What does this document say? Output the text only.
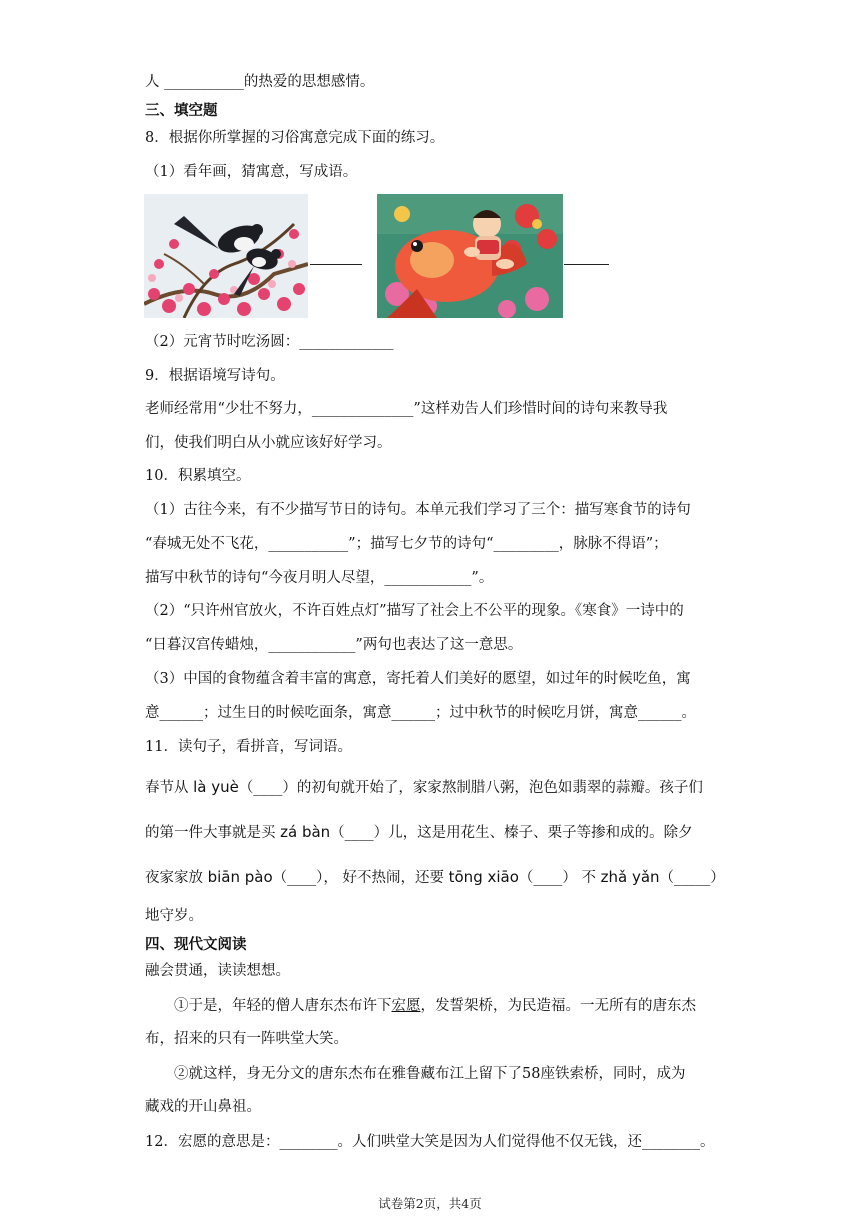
人 ___________的热爱的思想感情。
三、填空题
8．根据你所掌握的习俗寓意完成下面的练习。
（1）看年画，猜寓意，写成语。
（2）元宵节时吃汤圆：_____________
9．根据语境写诗句。
老师经常用“少壮不努力，______________”这样劝告人们珍惜时间的诗句来教导我
们，使我们明白从小就应该好好学习。
10．积累填空。
（1）古往今来，有不少描写节日的诗句。本单元我们学习了三个：描写寒食节的诗句
“春城无处不飞花，___________”；描写七夕节的诗句“_________，脉脉不得语”；
描写中秋节的诗句“今夜月明人尽望，____________”。
（2）“只许州官放火，不许百姓点灯”描写了社会上不公平的现象。《寒食》一诗中的
“日暮汉宫传蜡烛，____________”两句也表达了这一意思。
（3）中国的食物蕴含着丰富的寓意，寄托着人们美好的愿望，如过年的时候吃鱼，寓
意______；过生日的时候吃面条，寓意______；过中秋节的时候吃月饼，寓意______。
11．读句子，看拼音，写词语。
春节从 là yuè（____）的初旬就开始了，家家熬制腊八粥，泡色如翡翠的蒜瓣。孩子们
的第一件大事就是买 zá bàn（____）儿，这是用花生、榛子、栗子等掺和成的。除夕
夜家家放 biān pào（____）， 好不热闹，还要 tōng xiāo（____） 不 zhǎ yǎn（_____）
地守岁。
四、现代文阅读
融会贯通，读读想想。
①于是，年轻的僧人唐东杰布许下宏愿，发誓架桥，为民造福。一无所有的唐东杰
布，招来的只有一阵哄堂大笑。
②就这样，身无分文的唐东杰布在雅鲁藏布江上留下了58座铁索桥，同时，成为
藏戏的开山鼻祖。
12．宏愿的意思是：________。人们哄堂大笑是因为人们觉得他不仅无钱，还________。
试卷第2页，共4页
